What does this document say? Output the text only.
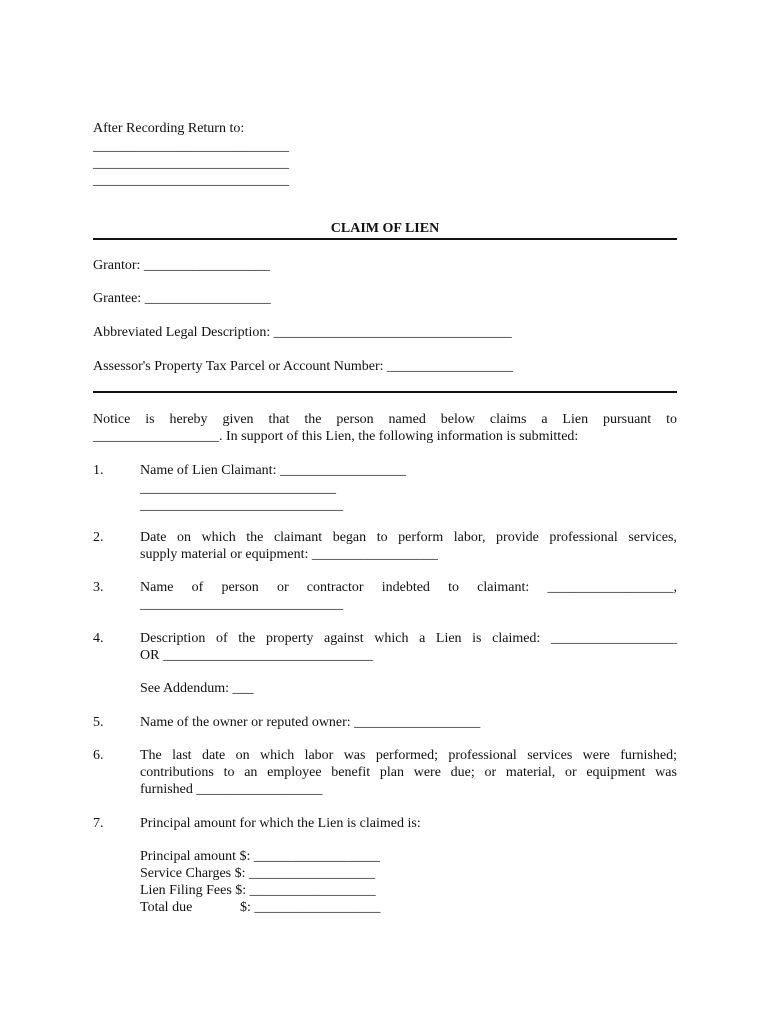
After Recording Return to:
____________________________
____________________________
____________________________
CLAIM OF LIEN
Grantor: __________________
Grantee: __________________
Abbreviated Legal Description: __________________________________
Assessor's Property Tax Parcel or Account Number: __________________
Notice is hereby given that the person named below claims a Lien pursuant to
__________________. In support of this Lien, the following information is submitted:
1.	Name of Lien Claimant: __________________
____________________________
_____________________________
2.	Date on which the claimant began to perform labor, provide professional services,
supply material or equipment: __________________
3.	Name of person or contractor indebted to claimant: __________________,
_____________________________
4.	Description of the property against which a Lien is claimed: __________________
OR ______________________________
See Addendum: ___
5.	Name of the owner or reputed owner: __________________
6.	The last date on which labor was performed; professional services were furnished;
contributions to an employee benefit plan were due; or material, or equipment was
furnished __________________
7.	Principal amount for which the Lien is claimed is:
Principal amount $: __________________
Service Charges $: __________________
Lien Filing Fees $: __________________
Total due	$: __________________
